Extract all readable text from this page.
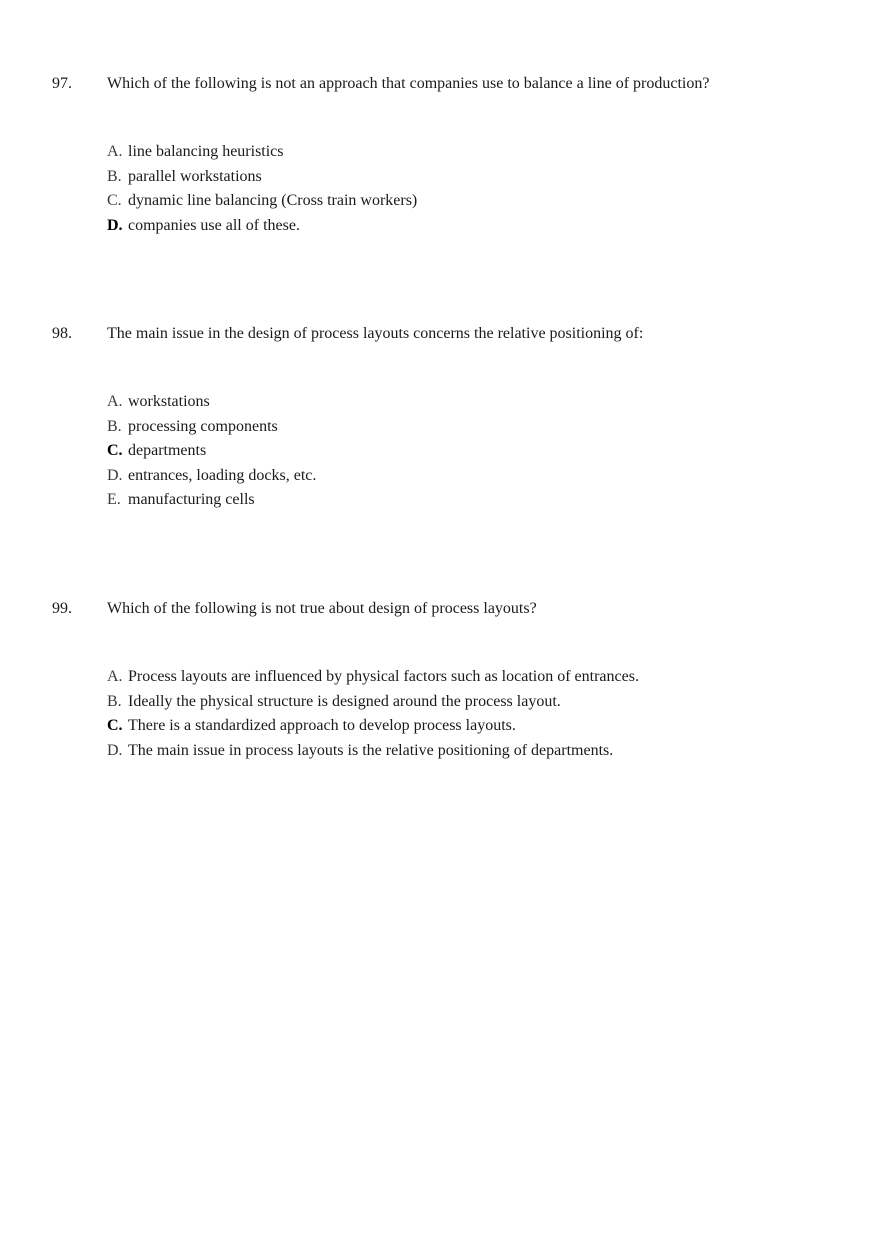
97. Which of the following is not an approach that companies use to balance a line of production?
A. line balancing heuristics
B. parallel workstations
C. dynamic line balancing (Cross train workers)
D. companies use all of these.
98. The main issue in the design of process layouts concerns the relative positioning of:
A. workstations
B. processing components
C. departments
D. entrances, loading docks, etc.
E. manufacturing cells
99. Which of the following is not true about design of process layouts?
A. Process layouts are influenced by physical factors such as location of entrances.
B. Ideally the physical structure is designed around the process layout.
C. There is a standardized approach to develop process layouts.
D. The main issue in process layouts is the relative positioning of departments.
